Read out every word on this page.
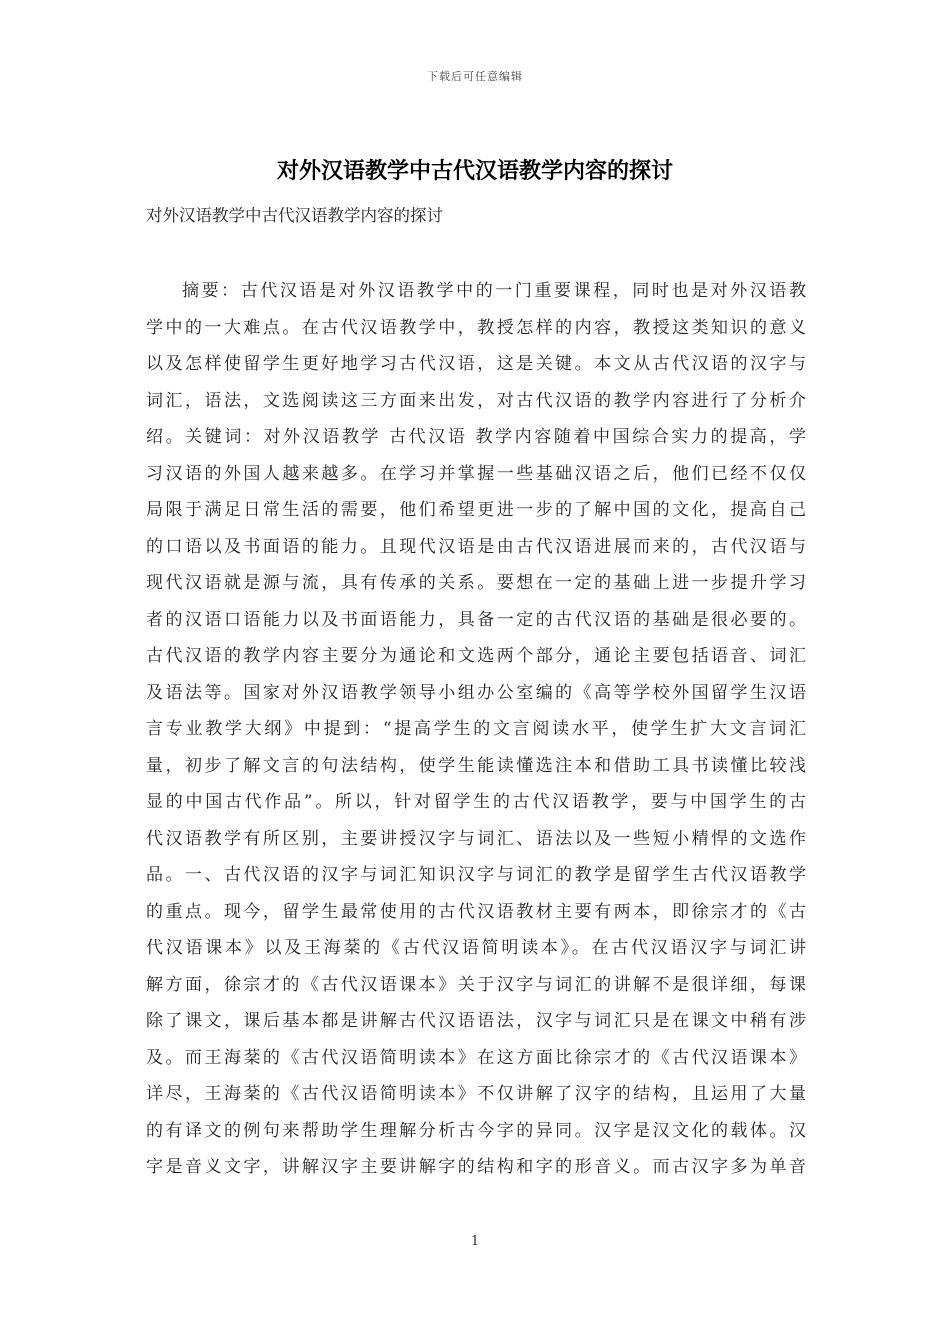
下载后可任意编辑
对外汉语教学中古代汉语教学内容的探讨
对外汉语教学中古代汉语教学内容的探讨
摘要：古代汉语是对外汉语教学中的一门重要课程，同时也是对外汉语教
学中的一大难点。在古代汉语教学中，教授怎样的内容，教授这类知识的意义
以及怎样使留学生更好地学习古代汉语，这是关键。本文从古代汉语的汉字与
词汇，语法，文选阅读这三方面来出发，对古代汉语的教学内容进行了分析介
绍。关键词：对外汉语教学 古代汉语 教学内容随着中国综合实力的提高，学
习汉语的外国人越来越多。在学习并掌握一些基础汉语之后，他们已经不仅仅
局限于满足日常生活的需要，他们希望更进一步的了解中国的文化，提高自己
的口语以及书面语的能力。且现代汉语是由古代汉语进展而来的，古代汉语与
现代汉语就是源与流，具有传承的关系。要想在一定的基础上进一步提升学习
者的汉语口语能力以及书面语能力，具备一定的古代汉语的基础是很必要的。
古代汉语的教学内容主要分为通论和文选两个部分，通论主要包括语音、词汇
及语法等。国家对外汉语教学领导小组办公室编的《高等学校外国留学生汉语
言专业教学大纲》中提到：“提高学生的文言阅读水平，使学生扩大文言词汇
量，初步了解文言的句法结构，使学生能读懂选注本和借助工具书读懂比较浅
显的中国古代作品”。所以，针对留学生的古代汉语教学，要与中国学生的古
代汉语教学有所区别，主要讲授汉字与词汇、语法以及一些短小精悍的文选作
品。一、古代汉语的汉字与词汇知识汉字与词汇的教学是留学生古代汉语教学
的重点。现今，留学生最常使用的古代汉语教材主要有两本，即徐宗才的《古
代汉语课本》以及王海棻的《古代汉语简明读本》。在古代汉语汉字与词汇讲
解方面，徐宗才的《古代汉语课本》关于汉字与词汇的讲解不是很详细，每课
除了课文，课后基本都是讲解古代汉语语法，汉字与词汇只是在课文中稍有涉
及。而王海棻的《古代汉语简明读本》在这方面比徐宗才的《古代汉语课本》
详尽，王海棻的《古代汉语简明读本》不仅讲解了汉字的结构，且运用了大量
的有译文的例句来帮助学生理解分析古今字的异同。汉字是汉文化的载体。汉
字是音义文字，讲解汉字主要讲解字的结构和字的形音义。而古汉字多为单音
1
